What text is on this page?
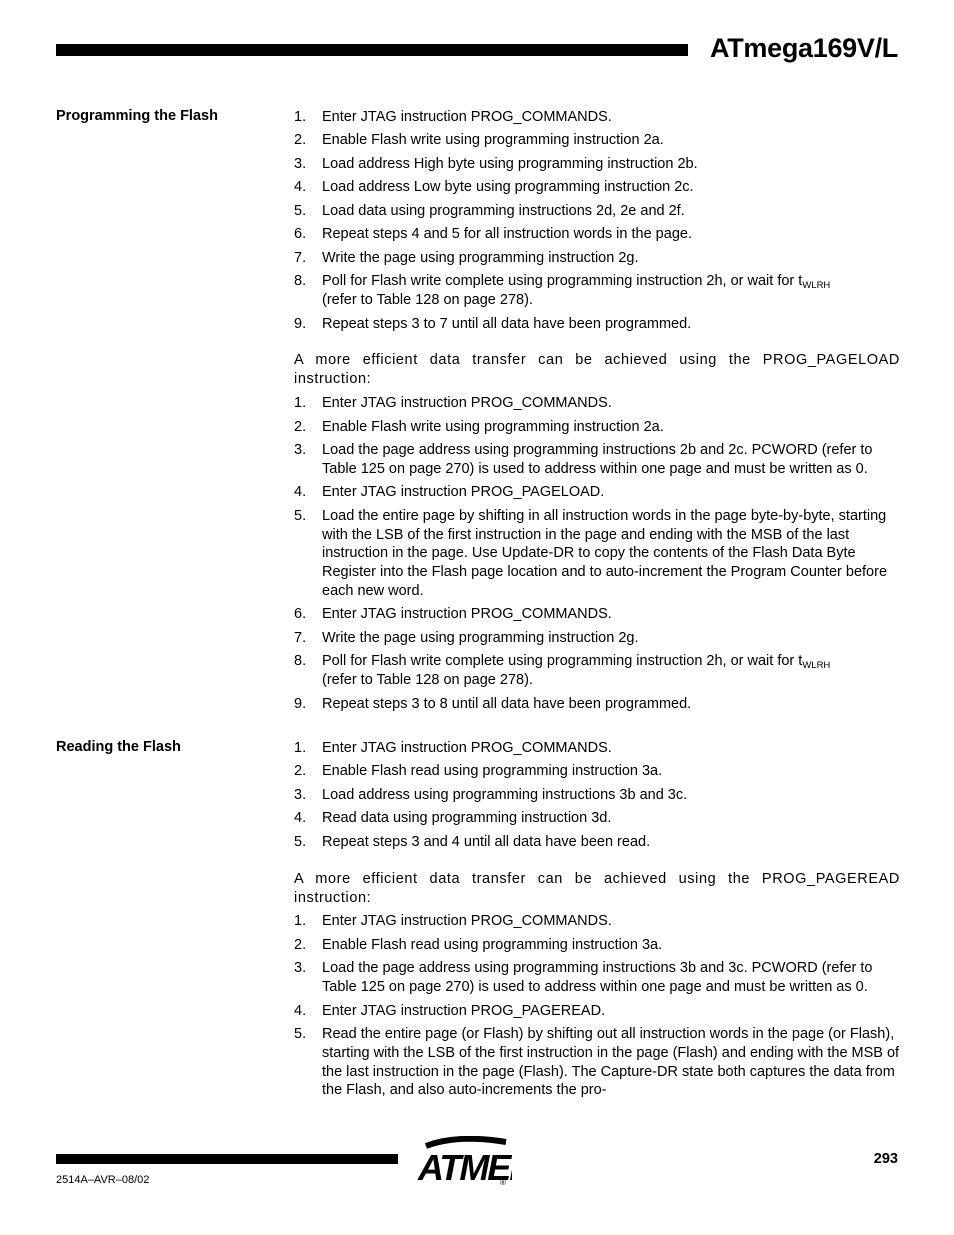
ATmega169V/L
Programming the Flash	1. Enter JTAG instruction PROG_COMMANDS.
2. Enable Flash write using programming instruction 2a.
3. Load address High byte using programming instruction 2b.
4. Load address Low byte using programming instruction 2c.
5. Load data using programming instructions 2d, 2e and 2f.
6. Repeat steps 4 and 5 for all instruction words in the page.
7. Write the page using programming instruction 2g.
8. Poll for Flash write complete using programming instruction 2h, or wait for $t_{WLRH}$
(refer to Table 128 on page 278).
9. Repeat steps 3 to 7 until all data have been programmed.

A more efficient data transfer can be achieved using the PROG_PAGELOAD instruction:

1. Enter JTAG instruction PROG_COMMANDS.
2. Enable Flash write using programming instruction 2a.
3. Load the page address using programming instructions 2b and 2c. PCWORD (refer to Table 125 on page 270) is used to address within one page and must be written as 0.
4. Enter JTAG instruction PROG_PAGELOAD.
5. Load the entire page by shifting in all instruction words in the page byte-by-byte, starting with the LSB of the first instruction in the page and ending with the MSB of the last instruction in the page. Use Update-DR to copy the contents of the Flash Data Byte Register into the Flash page location and to auto-increment the Program Counter before each new word.
6. Enter JTAG instruction PROG_COMMANDS.
7. Write the page using programming instruction 2g.
8. Poll for Flash write complete using programming instruction 2h, or wait for $t_{WLRH}$
(refer to Table 128 on page 278).
9. Repeat steps 3 to 8 until all data have been programmed.
Reading the Flash	1. Enter JTAG instruction PROG_COMMANDS.
2. Enable Flash read using programming instruction 3a.
3. Load address using programming instructions 3b and 3c.
4. Read data using programming instruction 3d.
5. Repeat steps 3 and 4 until all data have been read.

A more efficient data transfer can be achieved using the PROG_PAGEREAD instruction:

1. Enter JTAG instruction PROG_COMMANDS.
2. Enable Flash read using programming instruction 3a.
3. Load the page address using programming instructions 3b and 3c. PCWORD (refer to Table 125 on page 270) is used to address within one page and must be written as 0.
4. Enter JTAG instruction PROG_PAGEREAD.
5. Read the entire page (or Flash) by shifting out all instruction words in the page (or Flash), starting with the LSB of the first instruction in the page (Flash) and ending with the MSB of the last instruction in the page (Flash). The Capture-DR state both captures the data from the Flash, and also auto-increments the pro-
ATME
®
293
2514A–AVR–08/02
